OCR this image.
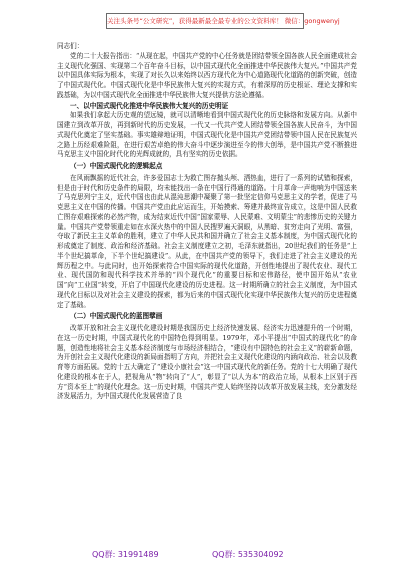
关注头条号“公文研究”，获得最新最全最专业的公文资料库！ 微信：gongwenyj

同志们：

党的二十大报告指出：“从现在起，中国共产党的中心任务就是团结带领全国各族人民全面建成社会主义现代化强国、实现第二个百年奋斗目标，以中国式现代化全面推进中华民族伟大复兴。”中国共产党以中国具体实际为根本，实现了对长久以来始终以西方现代化为中心道路现代化道路的创新突破，创造了中国式现代化。中国式现代化是中华民族伟大复兴的实现方式，有着深厚的历史根证、理论支撑和实践基础，为以中国式现代化全面推进中华民族伟大复兴提供方法论遵循。

一、以中国式现代化推进中华民族伟大复兴的历史明证

如果我们拿起大历史观的望远镜，就可以清晰地看到中国式现代化的历史脉络和发展方向。从新中国建立到改革开放，再到新时代的历史发展，一代又一代共产党人团结带领全国各族人民奋斗，为中国式现代化奠定了坚实基础。事实雄辩地证明，中国式现代化是中国共产党团结带领中国人民在民族复兴之路上历经艰难险阻，在进行艰苦卓绝的伟大奋斗中逐步演进至今的伟大创举，是中国共产党不断推进马克思主义中国化时代化的光辉成就的，具有坚实的历史依据。

（一）中国式现代化的逻辑起点

在风雨飘摇的近代社会，许多爱国志士为救亡图存抛头颅、洒热血，进行了一系列的试错和探索，但是由于时代和历史条件的局限，均未能找出一条在中国行得通的道路。十月革命一声炮响为中国送来了马克思列宁主义，近代中国也由此从混沌思潮中凝聚了第一批坚定信仰马克思主义的学者，促进了马克思主义在中国的传播。中国共产党由此应运而生，开始摸索、筹建并最终宣告成立，这是中国人民救亡图存艰难探索的必然产物，成为结束近代中国“国家蒙辱、人民蒙难、文明蒙尘”的悲惨历史的关键力量。中国共产党带领重走如在水深火热中的中国人民搜罗遍天洞眼，从黑暗、贫穷走向了光明、富强，夺取了新民主主义革命的胜利，建立了中华人民共和国并确立了社会主义基本制度，为中国式现代化的形成奠定了制度、政治和经济基础。社会主义制度建立之初，毛泽东就指出，20世纪我们的任务是“上半个世纪搞革命，下半个世纪搞建设”。从此，在中国共产党的领导下，我们走进了社会主义建设的光辉历程之中。与此同时，也开始探索符合中国实际的现代化道路，开创性地提出了现代农业、现代工业、现代国防和现代科学技术并举的“四个现代化”的重要目标和宏伟路径，使中国开始从“农业国”向“工业国”转变，开启了中国现代化建设的历史进程。这一时期所确立的社会主义制度，为中国式现代化目标以及对社会主义建设的探索，都为后来的中国式现代化实现中华民族伟大复兴的历史进程奠定了基础。

（二）中国式现代化的蓝图擘画

改革开放和社会主义现代化建设时期是我国历史上经济快速发展、经济实力迅速提升的一个时期，在这一历史时期，中国式现代化的中国特色得到明显。1979年，邓小平提出“中国式的现代化”的命题，创造性地将社会主义基本经济制度与市场经济相结合，“建设有中国特色的社会主义”的崭新命题，为开创社会主义现代化建设的新局面指明了方向，并把社会主义现代化建设的内涵向政治、社会以及教育等方面拓展。党的十五大确定了“建设小康社会”这一中国式现代化的新任务。党的十七大明确了现代化建设的根本在于人，把视角从“物”转向了“人”，彰显了“以人为本”的政治立场，从根本上区别于西方“资本至上”的现代化理念。这一历史时期，中国共产党人始终坚持以改革开放发展主线，充分激发经济发展活力，为中国式现代化发展营造了良

QQ群: 31991489	QQ群: 535304092
